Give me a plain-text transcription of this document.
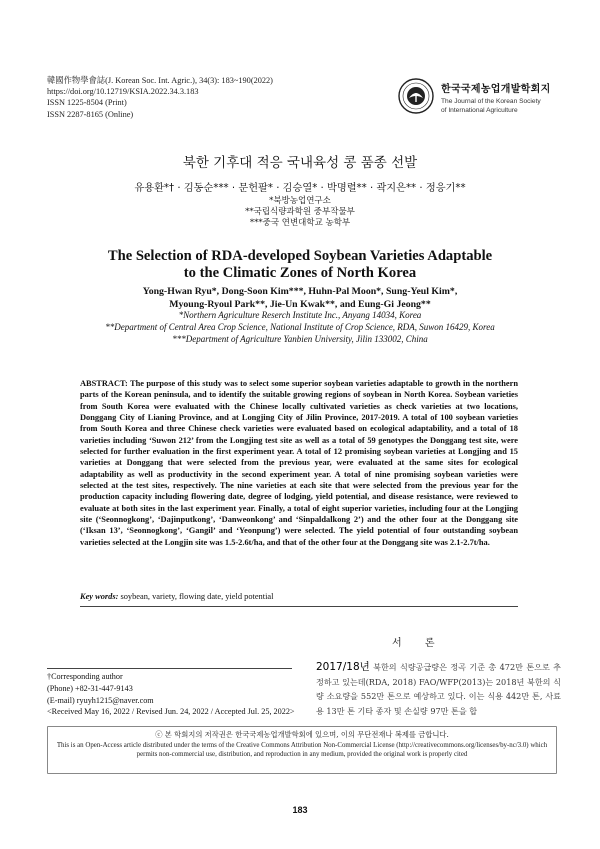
韓國作物學會誌(J. Korean Soc. Int. Agric.), 34(3): 183~190(2022)
https://doi.org/10.12719/KSIA.2022.34.3.183
ISSN 1225-8504 (Print)
ISSN 2287-8165 (Online)
한국국제농업개발학회지
The Journal of the Korean Society
of International Agriculture
북한 기후대 적응 국내육성 콩 품종 선발
유용환*† · 김동순*** · 문헌팔* · 김승열* · 박명렬** · 곽지은** · 정응기**
*북방농업연구소
**국립식량과학원 중부작물부
***중국 연변대학교 농학부
The Selection of RDA-developed Soybean Varieties Adaptable
to the Climatic Zones of North Korea
Yong-Hwan Ryu*, Dong-Soon Kim***, Huhn-Pal Moon*, Sung-Yeul Kim*,
Myoung-Ryoul Park**, Jie-Un Kwak**, and Eung-Gi Jeong**
*Northern Agriculture Reserch Institute Inc., Anyang 14034, Korea
**Department of Central Area Crop Science, National Institute of Crop Science, RDA, Suwon 16429, Korea
***Department of Agriculture Yanbien University, Jilin 133002, China
ABSTRACT: The purpose of this study was to select some superior soybean varieties adaptable to growth in the northern parts of the Korean peninsula, and to identify the suitable growing regions of soybean in North Korea. Soybean varieties from South Korea were evaluated with the Chinese locally cultivated varieties as check varieties at two locations, Donggang City of Lianing Province, and at Longjing City of Jilin Province, 2017-2019. A total of 100 soybean varieties from South Korea and three Chinese check varieties were evaluated based on ecological adaptability, and a total of 18 varieties including ‘Suwon 212’ from the Longjing test site as well as a total of 59 genotypes the Donggang test site, were selected for further evaluation in the first experiment year. A total of 12 promising soybean varieties at Longjing and 15 varieties at Donggang that were selected from the previous year, were evaluated at the same sites for ecological adaptability as well as productivity in the second experiment year. A total of nine promising soybean varieties were selected at the test sites, respectively. The nine varieties at each site that were selected from the previous year for the production capacity including flowering date, degree of lodging, yield potential, and disease resistance, were reviewed to evaluate at both sites in the last experiment year. Finally, a total of eight superior varieties, including four at the Longjing site (‘Seonnogkong’, ‘Dajinputkong’, ‘Danweonkong’ and ‘Sinpaldalkong 2’) and the other four at the Donggang site (‘Iksan 13’, ‘Seonnogkong’, ‘Gangil’ and ‘Yeonpung’) were selected. The yield potential of four outstanding soybean varieties selected at the Longjin site was 1.5-2.6t/ha, and that of the other four at the Donggang site was 2.1-2.7t/ha.
Key words: soybean, variety, flowing date, yield potential
서 론
2017/18년 북한의 식량공급량은 정곡 기준 총 472만 톤으로 추정하고 있는데(RDA, 2018) FAO/WFP(2013)는 2018년 북한의 식량 소요량을 552만 톤으로 예상하고 있다. 이는 식용 442만 톤, 사료용 13만 톤 기타 종자 및 손실량 97만 톤을 합
†Corresponding author
(Phone) +82-31-447-9143
(E-mail) ryuyh1215@naver.com
<Received May 16, 2022 / Revised Jun. 24, 2022 / Accepted Jul. 25, 2022>
ⓒ 본 학회지의 저작권은 한국국제농업개발학회에 있으며, 이의 무단전재나 복제를 금합니다.
This is an Open-Access article distributed under the terms of the Creative Commons Attribution Non-Commercial License (http://creativecommons.org/licenses/by-nc/3.0) which
permits non-commercial use, distribution, and reproduction in any medium, provided the original work is properly cited
183
